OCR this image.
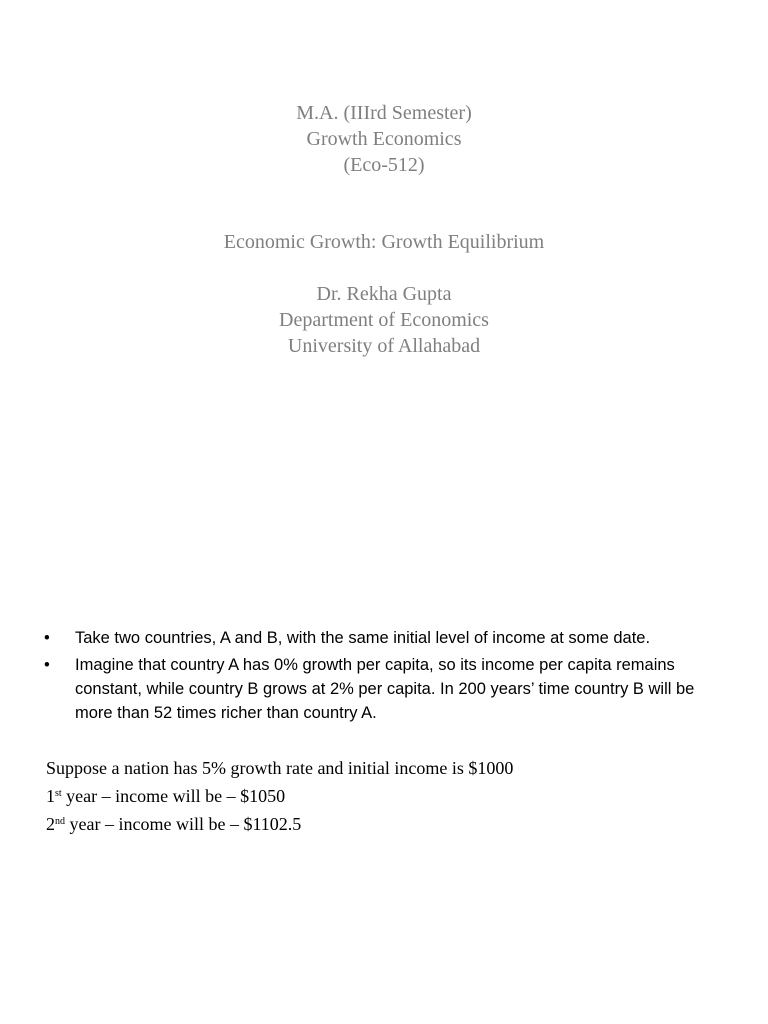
M.A. (IIIrd Semester)
Growth Economics
(Eco-512)
Economic Growth: Growth Equilibrium
Dr. Rekha Gupta
Department of Economics
University of Allahabad
•	Take two countries, A and B, with the same initial level of income at some date.
•	Imagine that country A has 0% growth per capita, so its income per capita remains constant, while country B grows at 2% per capita. In 200 years’ time country B will be more than 52 times richer than country A.
Suppose a nation has 5% growth rate and initial income is $1000
1st year – income will be – $1050
2nd year – income will be – $1102.5
